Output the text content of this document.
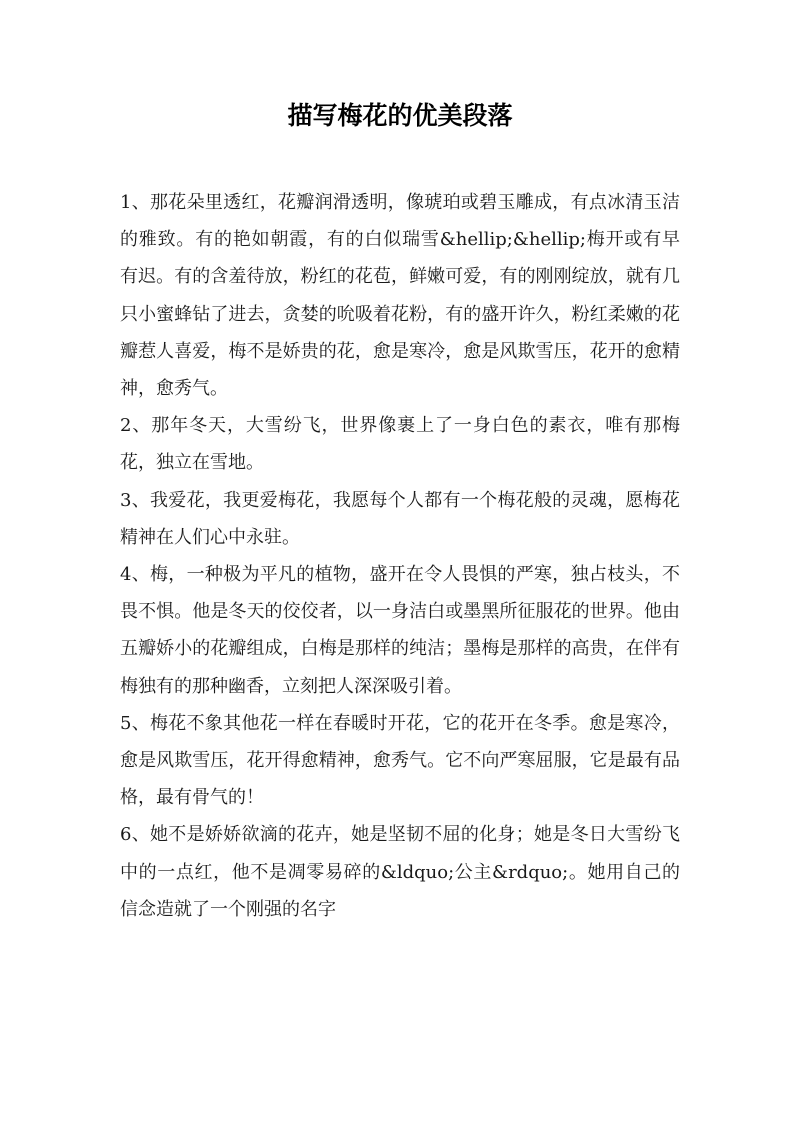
描写梅花的优美段落

1、那花朵里透红，花瓣润滑透明，像琥珀或碧玉雕成，有点冰清玉洁的雅致。有的艳如朝霞，有的白似瑞雪&hellip;&hellip;梅开或有早有迟。有的含羞待放，粉红的花苞，鲜嫩可爱，有的刚刚绽放，就有几只小蜜蜂钻了进去，贪婪的吮吸着花粉，有的盛开许久，粉红柔嫩的花瓣惹人喜爱，梅不是娇贵的花，愈是寒冷，愈是风欺雪压，花开的愈精神，愈秀气。

2、那年冬天，大雪纷飞，世界像裹上了一身白色的素衣，唯有那梅花，独立在雪地。

3、我爱花，我更爱梅花，我愿每个人都有一个梅花般的灵魂，愿梅花精神在人们心中永驻。

4、梅，一种极为平凡的植物，盛开在令人畏惧的严寒，独占枝头，不畏不惧。他是冬天的佼佼者，以一身洁白或墨黑所征服花的世界。他由五瓣娇小的花瓣组成，白梅是那样的纯洁；墨梅是那样的高贵，在伴有梅独有的那种幽香，立刻把人深深吸引着。

5、梅花不象其他花一样在春暖时开花，它的花开在冬季。愈是寒冷，愈是风欺雪压，花开得愈精神，愈秀气。它不向严寒屈服，它是最有品格，最有骨气的！

6、她不是娇娇欲滴的花卉，她是坚韧不屈的化身；她是冬日大雪纷飞中的一点红，他不是凋零易碎的&ldquo;公主&rdquo;。她用自己的信念造就了一个刚强的名字
